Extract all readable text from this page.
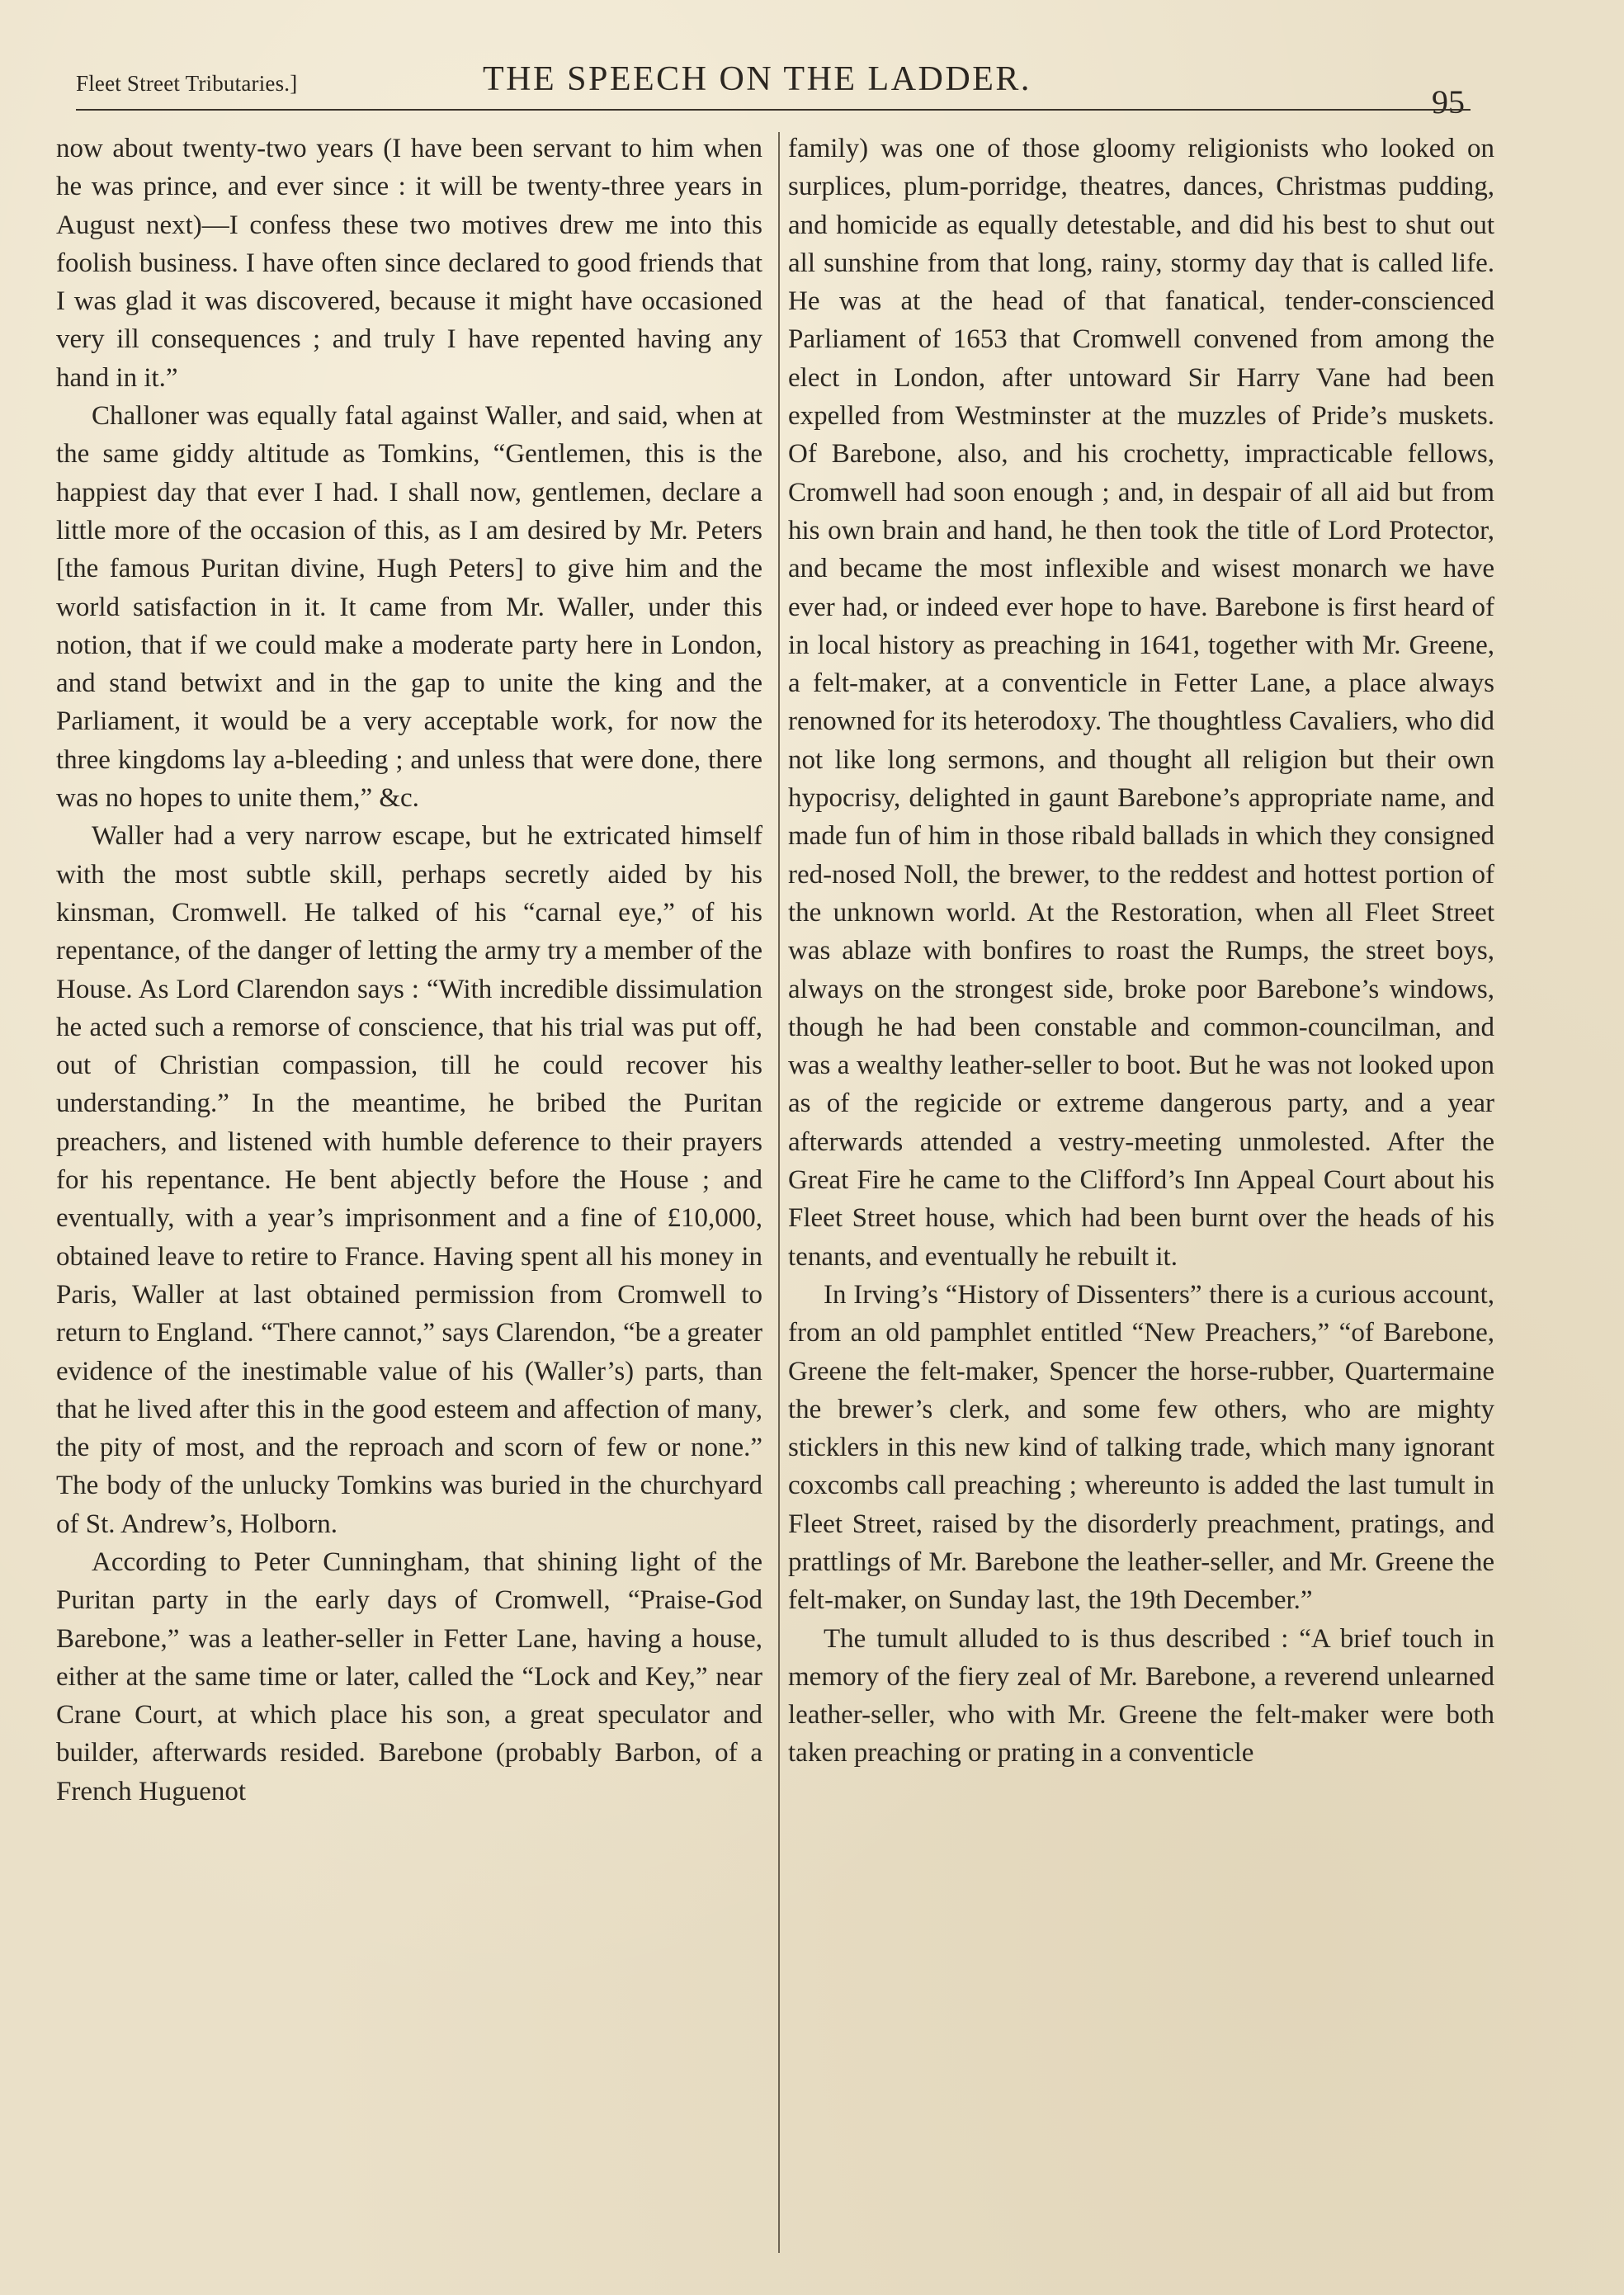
Fleet Street Tributaries.]	THE SPEECH ON THE LADDER.
95

now about twenty-two years (I have been servant to him when he was prince, and ever since : it will be twenty-three years in August next)—I confess these two motives drew me into this foolish business. I have often since declared to good friends that I was glad it was discovered, because it might have occasioned very ill consequences ; and truly I have repented having any hand in it.”

Challoner was equally fatal against Waller, and said, when at the same giddy altitude as Tomkins, “Gentlemen, this is the happiest day that ever I had. I shall now, gentlemen, declare a little more of the occasion of this, as I am desired by Mr. Peters [the famous Puritan divine, Hugh Peters] to give him and the world satisfaction in it. It came from Mr. Waller, under this notion, that if we could make a moderate party here in London, and stand betwixt and in the gap to unite the king and the Parliament, it would be a very acceptable work, for now the three kingdoms lay a-bleeding ; and unless that were done, there was no hopes to unite them,” &c.

Waller had a very narrow escape, but he extricated himself with the most subtle skill, perhaps secretly aided by his kinsman, Cromwell. He talked of his “carnal eye,” of his repentance, of the danger of letting the army try a member of the House. As Lord Clarendon says : “With incredible dissimulation he acted such a remorse of conscience, that his trial was put off, out of Christian compassion, till he could recover his understanding.” In the meantime, he bribed the Puritan preachers, and listened with humble deference to their prayers for his repentance. He bent abjectly before the House ; and eventually, with a year’s imprisonment and a fine of £10,000, obtained leave to retire to France. Having spent all his money in Paris, Waller at last obtained permission from Cromwell to return to England. “There cannot,” says Clarendon, “be a greater evidence of the inestimable value of his (Waller’s) parts, than that he lived after this in the good esteem and affection of many, the pity of most, and the reproach and scorn of few or none.” The body of the unlucky Tomkins was buried in the churchyard of St. Andrew’s, Holborn.

According to Peter Cunningham, that shining light of the Puritan party in the early days of Cromwell, “Praise-God Barebone,” was a leather-seller in Fetter Lane, having a house, either at the same time or later, called the “Lock and Key,” near Crane Court, at which place his son, a great speculator and builder, afterwards resided. Barebone (probably Barbon, of a French Huguenot

family) was one of those gloomy religionists who looked on surplices, plum-porridge, theatres, dances, Christmas pudding, and homicide as equally detestable, and did his best to shut out all sunshine from that long, rainy, stormy day that is called life. He was at the head of that fanatical, tender-conscienced Parliament of 1653 that Cromwell convened from among the elect in London, after untoward Sir Harry Vane had been expelled from Westminster at the muzzles of Pride’s muskets. Of Barebone, also, and his crochetty, impracticable fellows, Cromwell had soon enough ; and, in despair of all aid but from his own brain and hand, he then took the title of Lord Protector, and became the most inflexible and wisest monarch we have ever had, or indeed ever hope to have. Barebone is first heard of in local history as preaching in 1641, together with Mr. Greene, a felt-maker, at a conventicle in Fetter Lane, a place always renowned for its heterodoxy. The thoughtless Cavaliers, who did not like long sermons, and thought all religion but their own hypocrisy, delighted in gaunt Barebone’s appropriate name, and made fun of him in those ribald ballads in which they consigned red-nosed Noll, the brewer, to the reddest and hottest portion of the unknown world. At the Restoration, when all Fleet Street was ablaze with bonfires to roast the Rumps, the street boys, always on the strongest side, broke poor Barebone’s windows, though he had been constable and common-councilman, and was a wealthy leather-seller to boot. But he was not looked upon as of the regicide or extreme dangerous party, and a year afterwards attended a vestry-meeting unmolested. After the Great Fire he came to the Clifford’s Inn Appeal Court about his Fleet Street house, which had been burnt over the heads of his tenants, and eventually he rebuilt it.

In Irving’s “History of Dissenters” there is a curious account, from an old pamphlet entitled “New Preachers,” “of Barebone, Greene the felt-maker, Spencer the horse-rubber, Quartermaine the brewer’s clerk, and some few others, who are mighty sticklers in this new kind of talking trade, which many ignorant coxcombs call preaching ; whereunto is added the last tumult in Fleet Street, raised by the disorderly preachment, pratings, and prattlings of Mr. Barebone the leather-seller, and Mr. Greene the felt-maker, on Sunday last, the 19th December.”

The tumult alluded to is thus described : “A brief touch in memory of the fiery zeal of Mr. Barebone, a reverend unlearned leather-seller, who with Mr. Greene the felt-maker were both taken preaching or prating in a conventicle
